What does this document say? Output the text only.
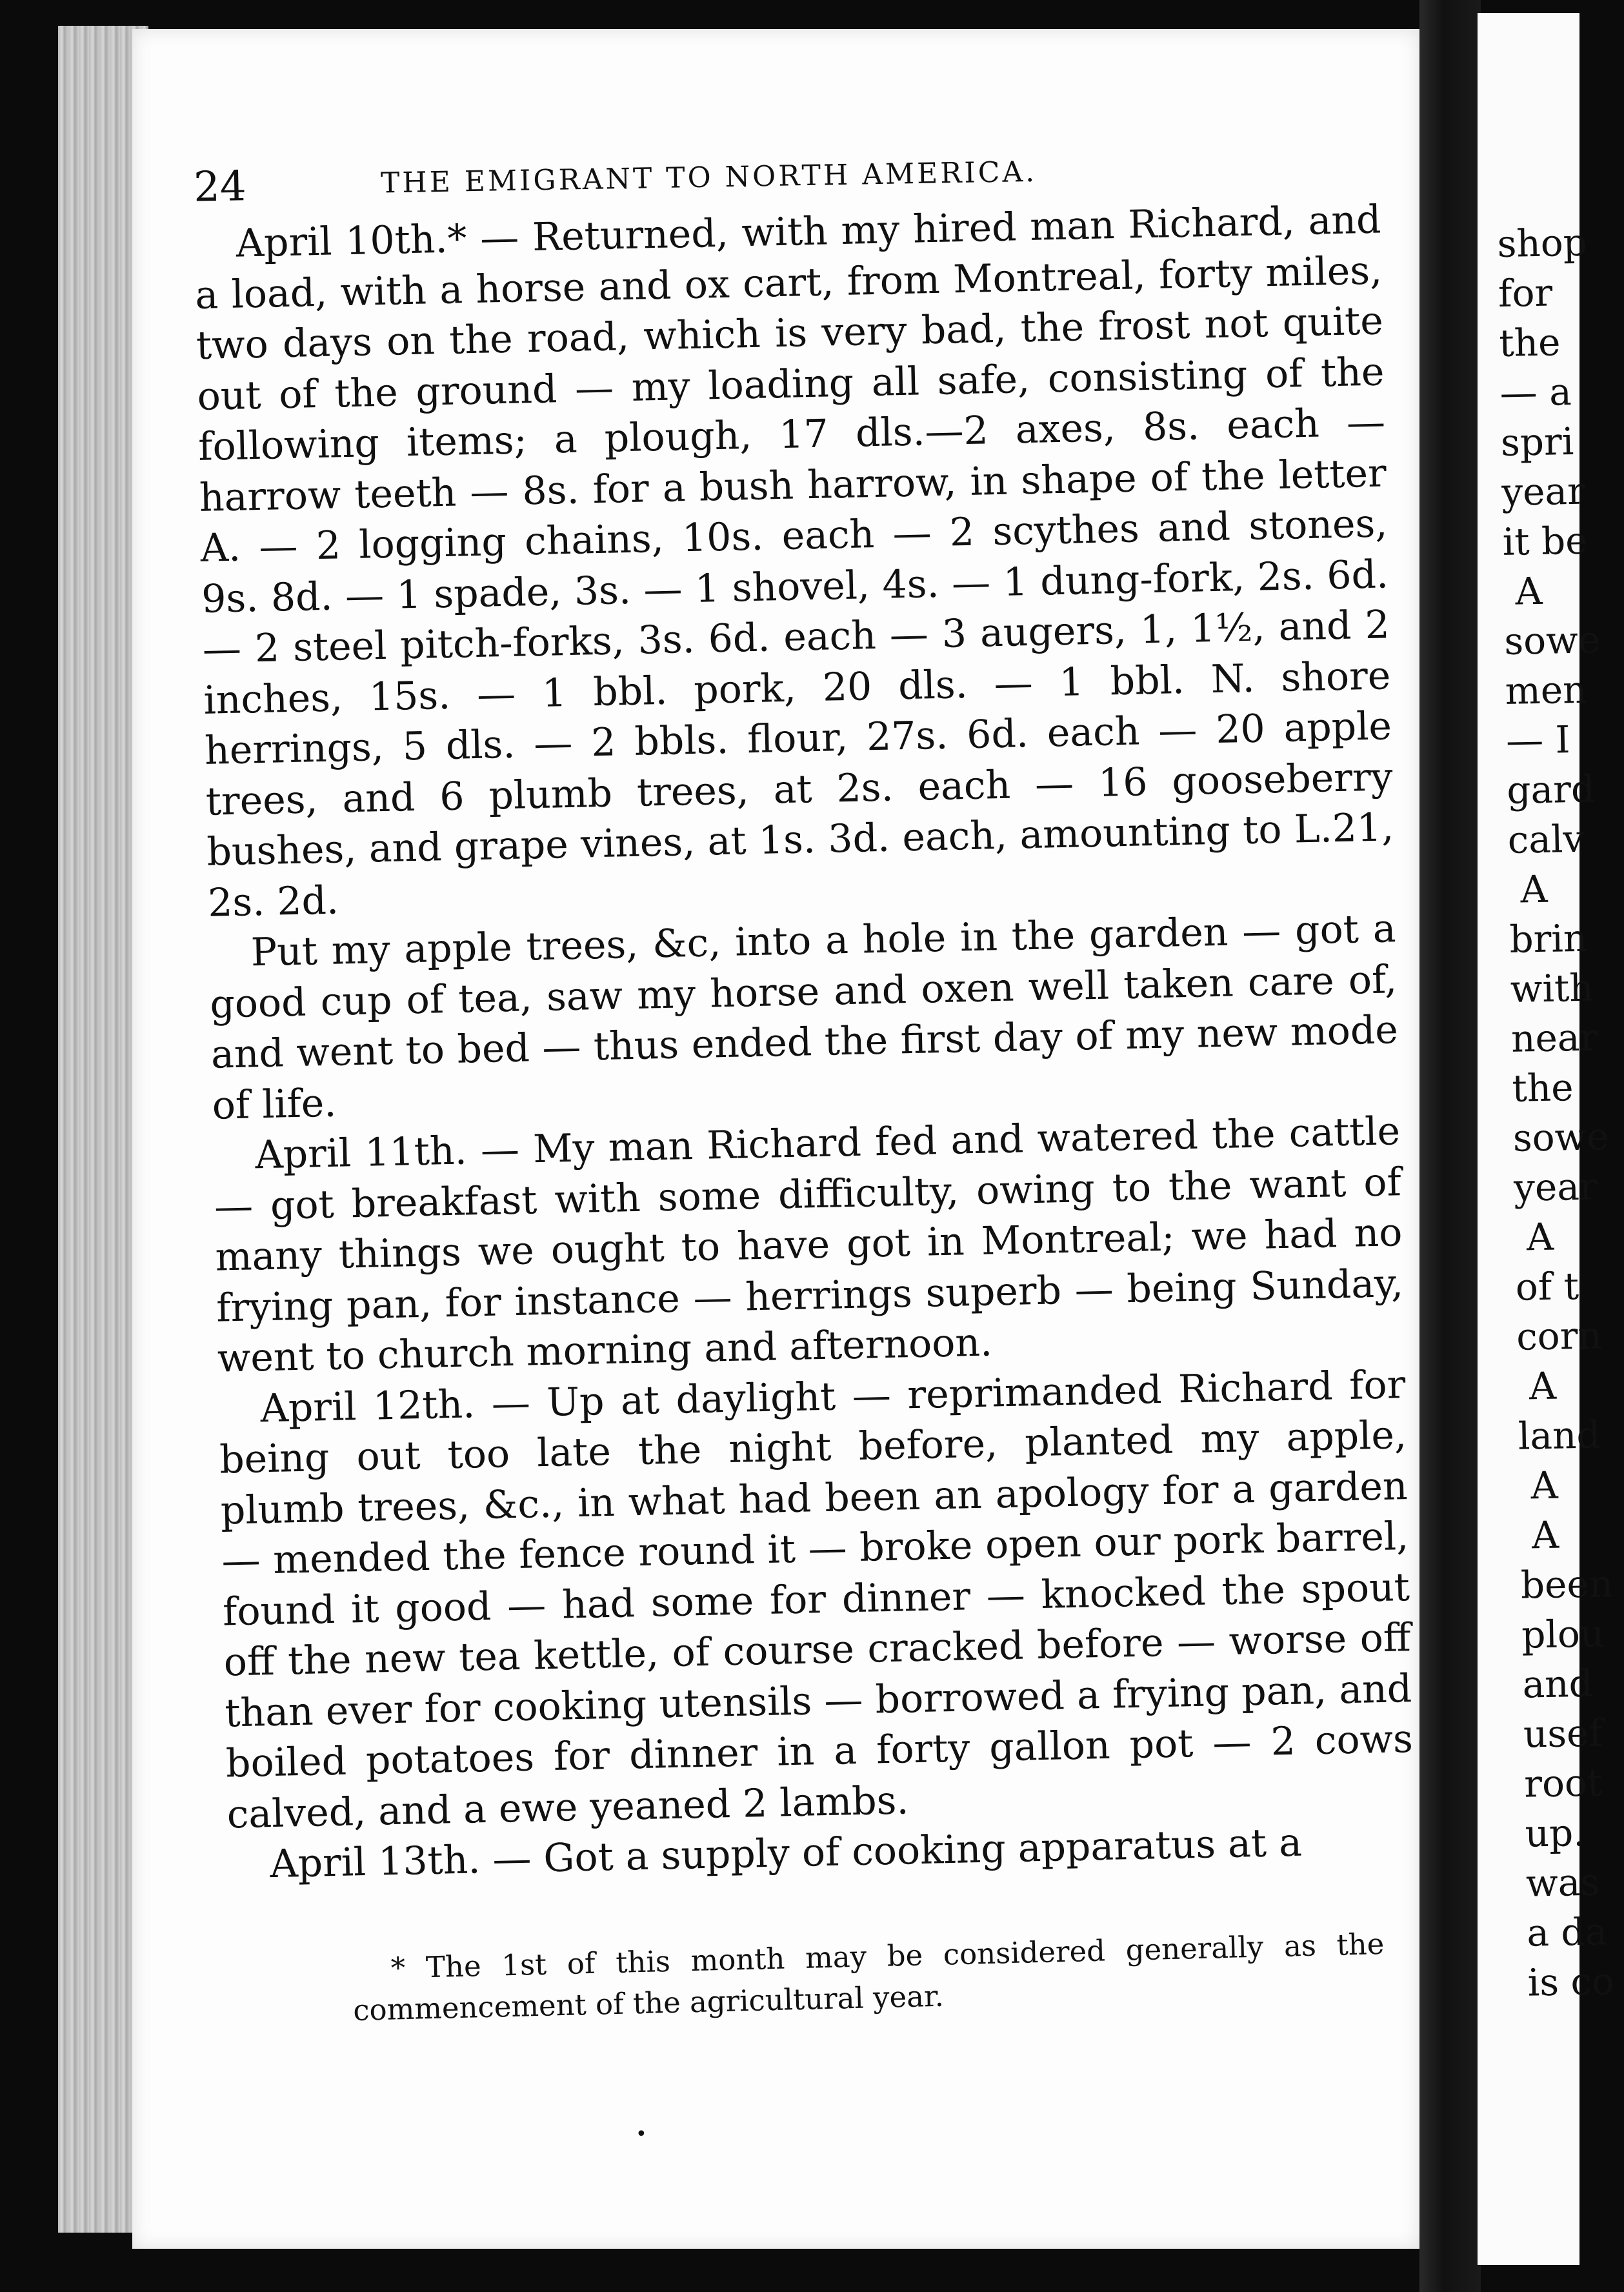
24	THE EMIGRANT TO NORTH AMERICA.

April 10th.* — Returned, with my hired man Richard, and a load, with a horse and ox cart, from Montreal, forty miles, two days on the road, which is very bad, the frost not quite out of the ground — my loading all safe, consisting of the following items; a plough, 17 dls.—2 axes, 8s. each — harrow teeth — 8s. for a bush harrow, in shape of the letter A. — 2 logging chains, 10s. each — 2 scythes and stones, 9s. 8d. — 1 spade, 3s. — 1 shovel, 4s. — 1 dung-fork, 2s. 6d. — 2 steel pitch-forks, 3s. 6d. each — 3 augers, 1, 1½, and 2 inches, 15s. — 1 bbl. pork, 20 dls. — 1 bbl. N. shore herrings, 5 dls. — 2 bbls. flour, 27s. 6d. each — 20 apple trees, and 6 plumb trees, at 2s. each — 16 gooseberry bushes, and grape vines, at 1s. 3d. each, amounting to L.21, 2s. 2d.

Put my apple trees, &c, into a hole in the garden — got a good cup of tea, saw my horse and oxen well taken care of, and went to bed — thus ended the first day of my new mode of life.

April 11th. — My man Richard fed and watered the cattle — got breakfast with some difficulty, owing to the want of many things we ought to have got in Montreal; we had no frying pan, for instance — herrings superb — being Sunday, went to church morning and afternoon.

April 12th. — Up at daylight — reprimanded Richard for being out too late the night before, planted my apple, plumb trees, &c., in what had been an apology for a garden — mended the fence round it — broke open our pork barrel, found it good — had some for dinner — knocked the spout off the new tea kettle, of course cracked before — worse off than ever for cooking utensils — borrowed a frying pan, and boiled potatoes for dinner in a forty gallon pot — 2 cows calved, and a ewe yeaned 2 lambs.

April 13th. — Got a supply of cooking apparatus at a

* The 1st of this month may be considered generally as the commencement of the agricultural year.

•
shop
for
the
— a
spri
year
it be
A
sowe
men
— I
gard
calv
A
brin
with
near
the
sowe
year
A
of t
corn
A
land
A
A
been
plou
and
usef
root
up.
was
a da
is co
